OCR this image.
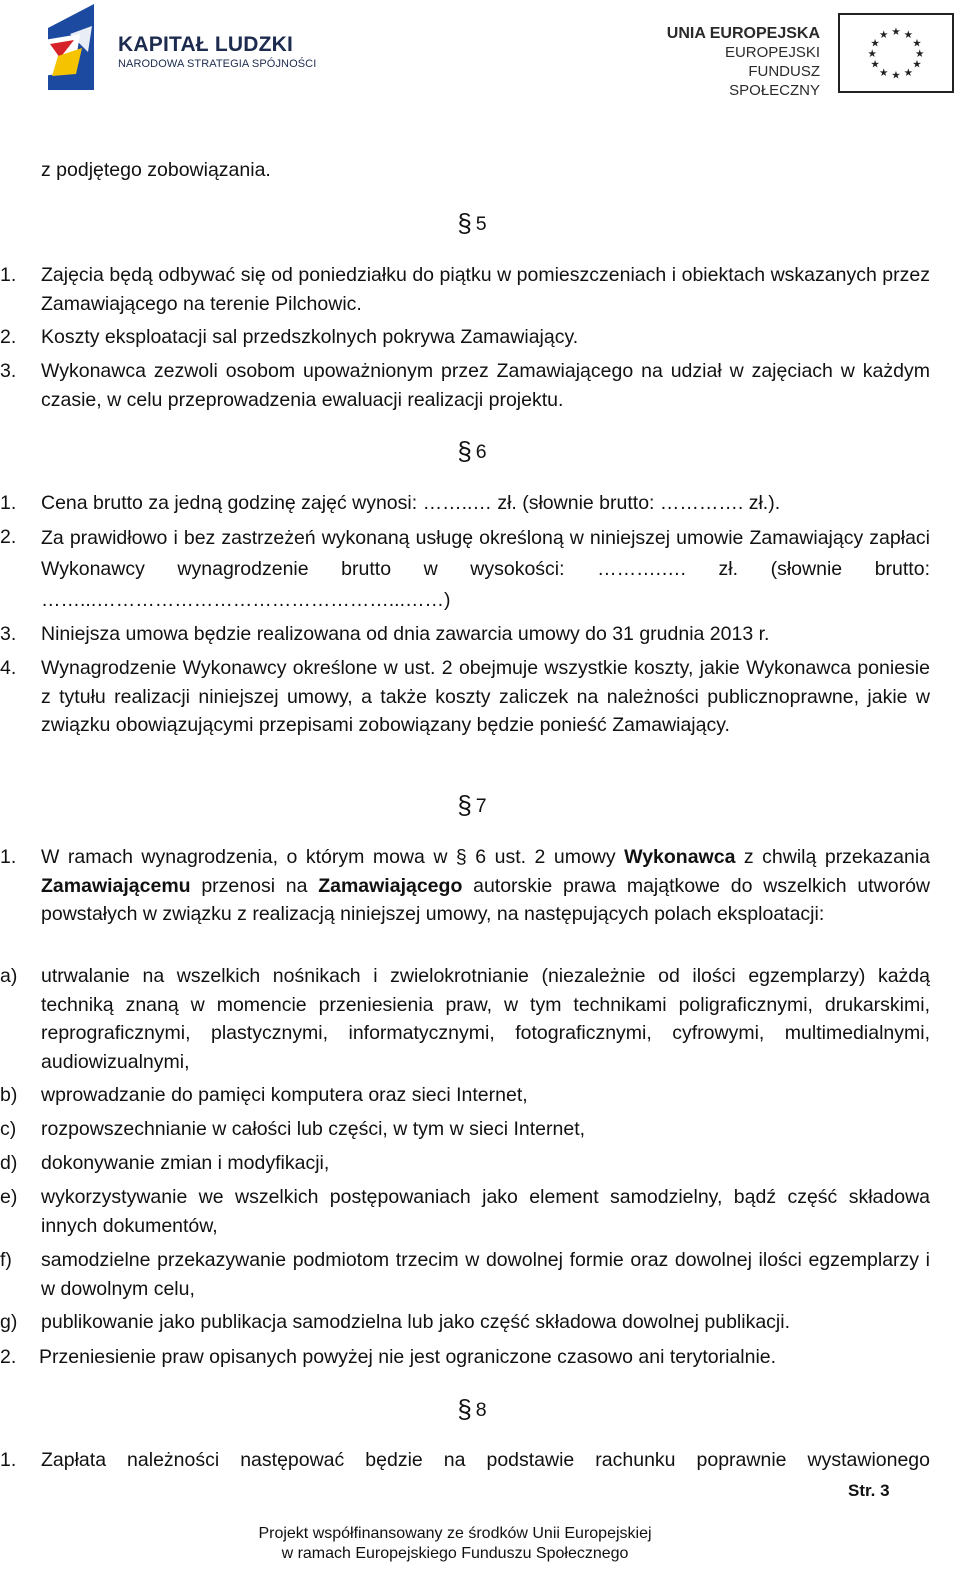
KAPITAŁ LUDZKI
NARODOWA STRATEGIA SPÓJNOŚCI
UNIA EUROPEJSKA
EUROPEJSKI
FUNDUSZ SPOŁECZNY
★ ★
★
★
★
★
★
★
★
★
★
★
z podjętego zobowiązania.
§ 5
1.	Zajęcia będą odbywać się od poniedziałku do piątku w pomieszczeniach i obiektach wskazanych przez Zamawiającego na terenie Pilchowic.
2.	Koszty eksploatacji sal przedszkolnych pokrywa Zamawiający.
3.	Wykonawca zezwoli osobom upoważnionym przez Zamawiającego na udział w zajęciach w każdym czasie, w celu przeprowadzenia ewaluacji realizacji projektu.
§ 6
1.	Cena brutto za jedną godzinę zajęć wynosi: ……..… zł. (słownie brutto: …………. zł.).
2.	Za prawidłowo i bez zastrzeżeń wykonaną usługę określoną w niniejszej umowie Zamawiający zapłaci Wykonawcy wynagrodzenie brutto w wysokości: ……….…. zł. (słownie brutto: ……...………………………………………...……)
3.	Niniejsza umowa będzie realizowana od dnia zawarcia umowy do 31 grudnia 2013 r.
4.	Wynagrodzenie Wykonawcy określone w ust. 2 obejmuje wszystkie koszty, jakie Wykonawca poniesie z tytułu realizacji niniejszej umowy, a także koszty zaliczek na należności publicznoprawne, jakie w związku obowiązującymi przepisami zobowiązany będzie ponieść Zamawiający.
§ 7
1.	W ramach wynagrodzenia, o którym mowa w § 6 ust. 2 umowy Wykonawca z chwilą przekazania Zamawiającemu przenosi na Zamawiającego autorskie prawa majątkowe do wszelkich utworów powstałych w związku z realizacją niniejszej umowy, na następujących polach eksploatacji:
a)	utrwalanie na wszelkich nośnikach i zwielokrotnianie (niezależnie od ilości egzemplarzy) każdą techniką znaną w momencie przeniesienia praw, w tym technikami poligraficznymi, drukarskimi, reprograficznymi, plastycznymi, informatycznymi, fotograficznymi, cyfrowymi, multimedialnymi, audiowizualnymi,
b)	wprowadzanie do pamięci komputera oraz sieci Internet,
c)	rozpowszechnianie w całości lub części, w tym w sieci Internet,
d)	dokonywanie zmian i modyfikacji,
e)	wykorzystywanie we wszelkich postępowaniach jako element samodzielny, bądź część składowa innych dokumentów,
f)	samodzielne przekazywanie podmiotom trzecim w dowolnej formie oraz dowolnej ilości egzemplarzy i w dowolnym celu,
g)	publikowanie jako publikacja samodzielna lub jako część składowa dowolnej publikacji.
2.	Przeniesienie praw opisanych powyżej nie jest ograniczone czasowo ani terytorialnie.
§ 8
1.	Zapłata należności następować będzie na podstawie rachunku poprawnie wystawionego
Str. 3
Projekt współfinansowany ze środków Unii Europejskiej
w ramach Europejskiego Funduszu Społecznego
